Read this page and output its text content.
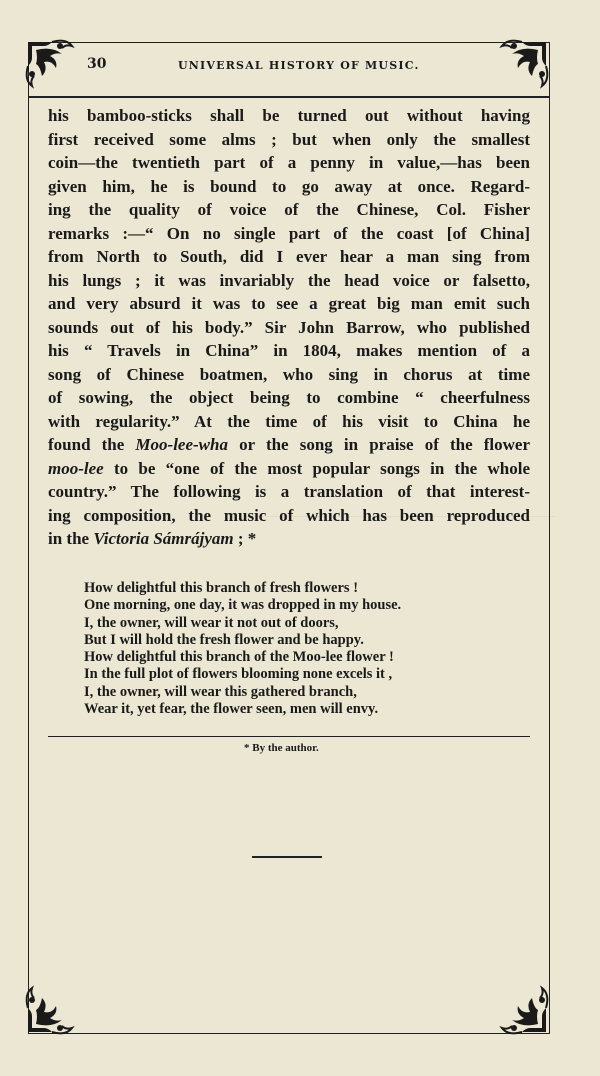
30	UNIVERSAL HISTORY OF MUSIC.
his bamboo-sticks shall be turned out without having
first received some alms ; but when only the smallest
coin—the twentieth part of a penny in value,—has been
given him, he is bound to go away at once. Regard-
ing the quality of voice of the Chinese, Col. Fisher
remarks :—“ On no single part of the coast [of China]
from North to South, did I ever hear a man sing from
his lungs ; it was invariably the head voice or falsetto,
and very absurd it was to see a great big man emit such
sounds out of his body.” Sir John Barrow, who published
his “ Travels in China” in 1804, makes mention of a
song of Chinese boatmen, who sing in chorus at time
of sowing, the object being to combine “ cheerfulness
with regularity.” At the time of his visit to China he
found the Moo-lee-wha or the song in praise of the flower
moo-lee to be “one of the most popular songs in the whole
country.” The following is a translation of that interest-
ing composition, the music of which has been reproduced
in the Victoria Sámrájyam ; *
How delightful this branch of fresh flowers !
One morning, one day, it was dropped in my house.
I, the owner, will wear it not out of doors,
But I will hold the fresh flower and be happy.
How delightful this branch of the Moo-lee flower !
In the full plot of flowers blooming none excels it ,
I, the owner, will wear this gathered branch,
Wear it, yet fear, the flower seen, men will envy.
* By the author.
